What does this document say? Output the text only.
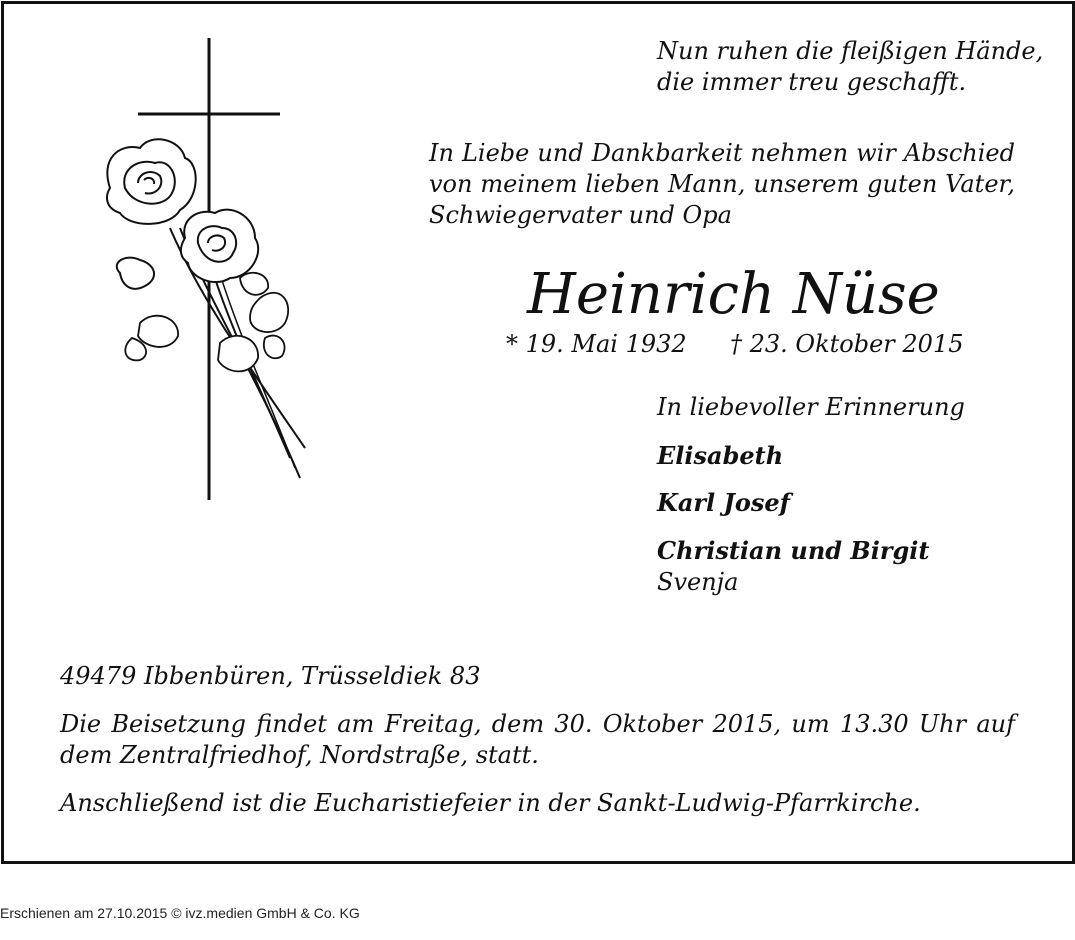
Nun ruhen die fleißigen Hände,

die immer treu geschafft.

In Liebe und Dankbarkeit nehmen wir Abschied von meinem lieben Mann, unserem guten Vater, Schwiegervater und Opa

Heinrich Nüse

* 19. Mai 1932 † 23. Oktober 2015

In liebevoller Erinnerung

Elisabeth

Karl Josef

Christian und Birgit

Svenja

49479 Ibbenbüren, Trüsseldiek 83

Die Beisetzung findet am Freitag, dem 30. Oktober 2015, um 13.30 Uhr auf dem Zentralfriedhof, Nordstraße, statt.

Anschließend ist die Eucharistiefeier in der Sankt-Ludwig-Pfarrkirche.

Erschienen am 27.10.2015 © ivz.medien GmbH & Co. KG
